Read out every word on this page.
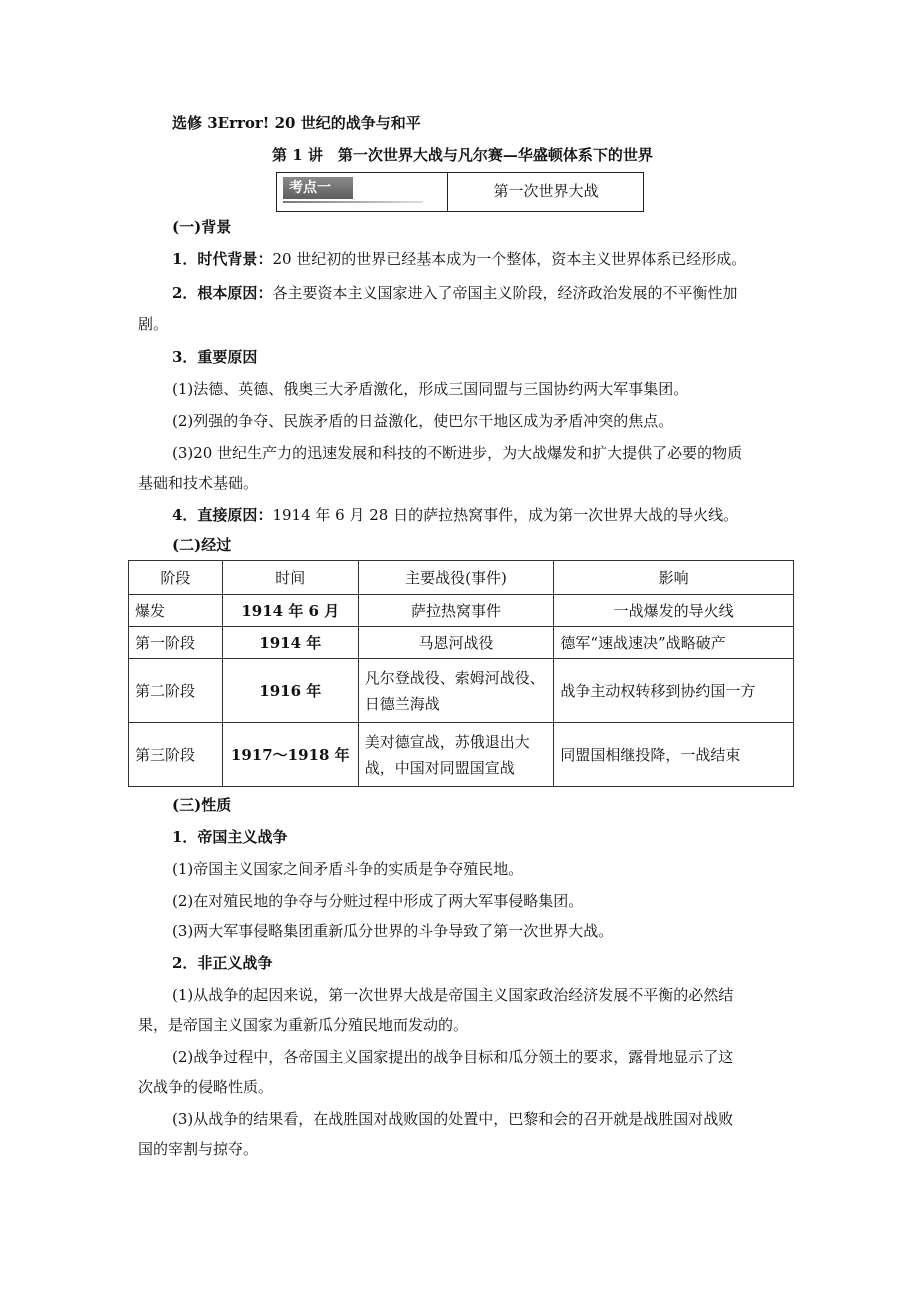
选修 3Error! 20 世纪的战争与和平
第 1 讲　第一次世界大战与凡尔赛—华盛顿体系下的世界
考点一	第一次世界大战
(一)背景
1．时代背景：20 世纪初的世界已经基本成为一个整体，资本主义世界体系已经形成。
2．根本原因：各主要资本主义国家进入了帝国主义阶段，经济政治发展的不平衡性加
剧。
3．重要原因
(1)法德、英德、俄奥三大矛盾激化，形成三国同盟与三国协约两大军事集团。
(2)列强的争夺、民族矛盾的日益激化，使巴尔干地区成为矛盾冲突的焦点。
(3)20 世纪生产力的迅速发展和科技的不断进步，为大战爆发和扩大提供了必要的物质
基础和技术基础。
4．直接原因：1914 年 6 月 28 日的萨拉热窝事件，成为第一次世界大战的导火线。
(二)经过
阶段	时间	主要战役(事件)	影响
爆发	1914 年 6 月	萨拉热窝事件	一战爆发的导火线
第一阶段	1914 年	马恩河战役	德军“速战速决”战略破产
第二阶段	1916 年	凡尔登战役、索姆河战役、
日德兰海战	战争主动权转移到协约国一方
第三阶段	1917～1918 年	美对德宣战，苏俄退出大
战，中国对同盟国宣战	同盟国相继投降，一战结束
(三)性质
1．帝国主义战争
(1)帝国主义国家之间矛盾斗争的实质是争夺殖民地。
(2)在对殖民地的争夺与分赃过程中形成了两大军事侵略集团。
(3)两大军事侵略集团重新瓜分世界的斗争导致了第一次世界大战。
2．非正义战争
(1)从战争的起因来说，第一次世界大战是帝国主义国家政治经济发展不平衡的必然结
果，是帝国主义国家为重新瓜分殖民地而发动的。
(2)战争过程中，各帝国主义国家提出的战争目标和瓜分领土的要求，露骨地显示了这
次战争的侵略性质。
(3)从战争的结果看，在战胜国对战败国的处置中，巴黎和会的召开就是战胜国对战败
国的宰割与掠夺。
